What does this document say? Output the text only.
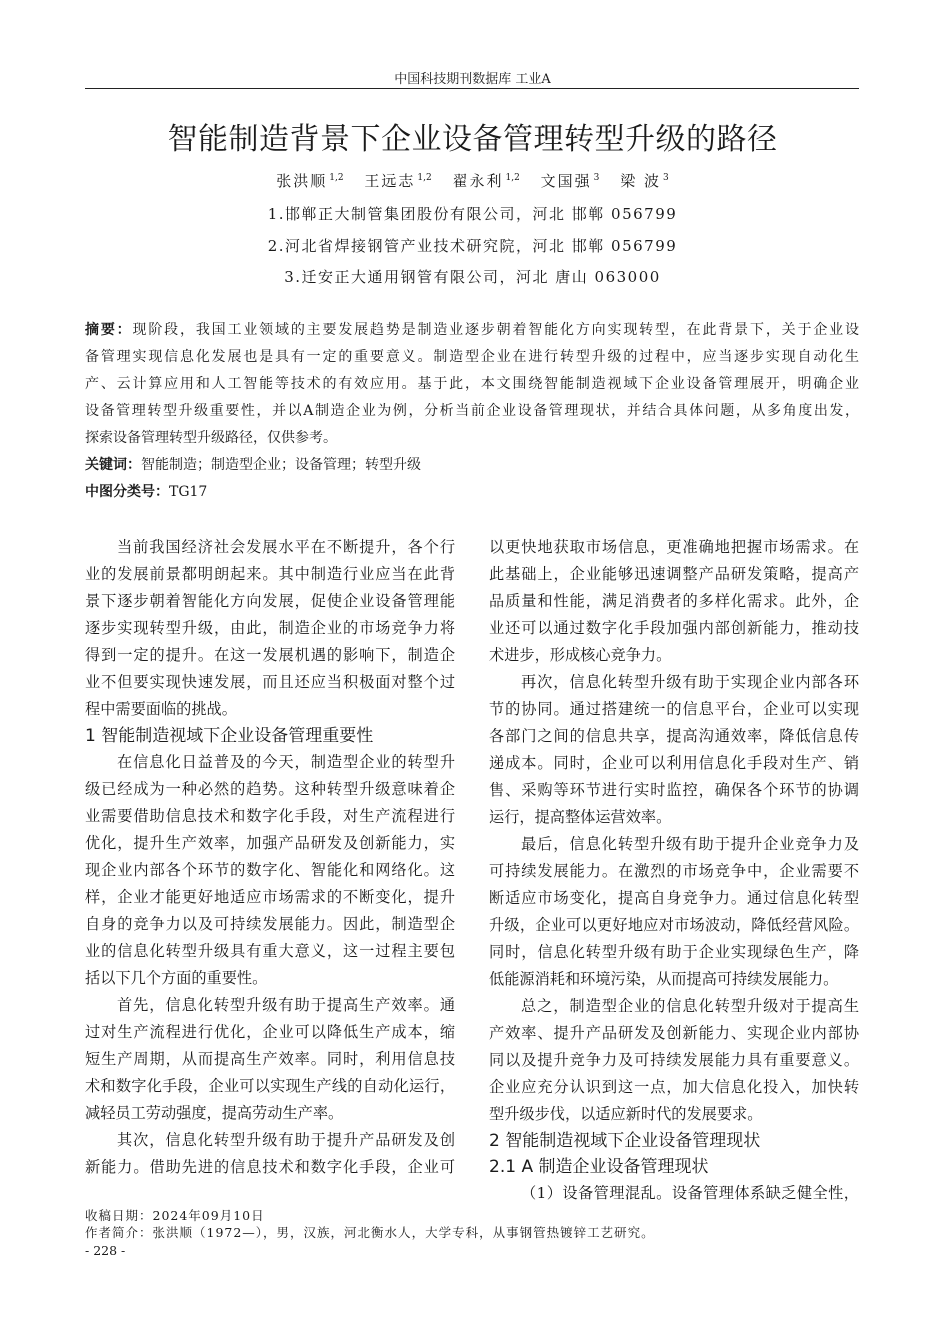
中国科技期刊数据库 工业A
智能制造背景下企业设备管理转型升级的路径
张洪顺 $^{1,2}$ 王远志 $^{1,2}$ 翟永利 $^{1,2}$ 文国强 $^3$ 梁 波 $^3$
1.邯郸正大制管集团股份有限公司，河北 邯郸 056799
2.河北省焊接钢管产业技术研究院，河北 邯郸 056799
3.迁安正大通用钢管有限公司，河北 唐山 063000
摘要：现阶段，我国工业领域的主要发展趋势是制造业逐步朝着智能化方向实现转型，在此背景下，关于企业设
备管理实现信息化发展也是具有一定的重要意义。制造型企业在进行转型升级的过程中，应当逐步实现自动化生
产、云计算应用和人工智能等技术的有效应用。基于此，本文围绕智能制造视域下企业设备管理展开，明确企业
设备管理转型升级重要性，并以A制造企业为例，分析当前企业设备管理现状，并结合具体问题，从多角度出发，
探索设备管理转型升级路径，仅供参考。
关键词：智能制造；制造型企业；设备管理；转型升级
中图分类号：TG17
当前我国经济社会发展水平在不断提升，各个行
业的发展前景都明朗起来。其中制造行业应当在此背
景下逐步朝着智能化方向发展，促使企业设备管理能
逐步实现转型升级，由此，制造企业的市场竞争力将
得到一定的提升。在这一发展机遇的影响下，制造企
业不但要实现快速发展，而且还应当积极面对整个过
程中需要面临的挑战。
1 智能制造视域下企业设备管理重要性
在信息化日益普及的今天，制造型企业的转型升
级已经成为一种必然的趋势。这种转型升级意味着企
业需要借助信息技术和数字化手段，对生产流程进行
优化，提升生产效率，加强产品研发及创新能力，实
现企业内部各个环节的数字化、智能化和网络化。这
样，企业才能更好地适应市场需求的不断变化，提升
自身的竞争力以及可持续发展能力。因此，制造型企
业的信息化转型升级具有重大意义，这一过程主要包
括以下几个方面的重要性。
首先，信息化转型升级有助于提高生产效率。通
过对生产流程进行优化，企业可以降低生产成本，缩
短生产周期，从而提高生产效率。同时，利用信息技
术和数字化手段，企业可以实现生产线的自动化运行，
减轻员工劳动强度，提高劳动生产率。
其次，信息化转型升级有助于提升产品研发及创
新能力。借助先进的信息技术和数字化手段，企业可
以更快地获取市场信息，更准确地把握市场需求。在
此基础上，企业能够迅速调整产品研发策略，提高产
品质量和性能，满足消费者的多样化需求。此外，企
业还可以通过数字化手段加强内部创新能力，推动技
术进步，形成核心竞争力。
再次，信息化转型升级有助于实现企业内部各环
节的协同。通过搭建统一的信息平台，企业可以实现
各部门之间的信息共享，提高沟通效率，降低信息传
递成本。同时，企业可以利用信息化手段对生产、销
售、采购等环节进行实时监控，确保各个环节的协调
运行，提高整体运营效率。
最后，信息化转型升级有助于提升企业竞争力及
可持续发展能力。在激烈的市场竞争中，企业需要不
断适应市场变化，提高自身竞争力。通过信息化转型
升级，企业可以更好地应对市场波动，降低经营风险。
同时，信息化转型升级有助于企业实现绿色生产，降
低能源消耗和环境污染，从而提高可持续发展能力。
总之，制造型企业的信息化转型升级对于提高生
产效率、提升产品研发及创新能力、实现企业内部协
同以及提升竞争力及可持续发展能力具有重要意义。
企业应充分认识到这一点，加大信息化投入，加快转
型升级步伐，以适应新时代的发展要求。
2 智能制造视域下企业设备管理现状
2.1 A 制造企业设备管理现状
（1）设备管理混乱。设备管理体系缺乏健全性，
收稿日期：2024年09月10日
作者简介：张洪顺（1972—），男，汉族，河北衡水人，大学专科，从事钢管热镀锌工艺研究。
- 228 -
